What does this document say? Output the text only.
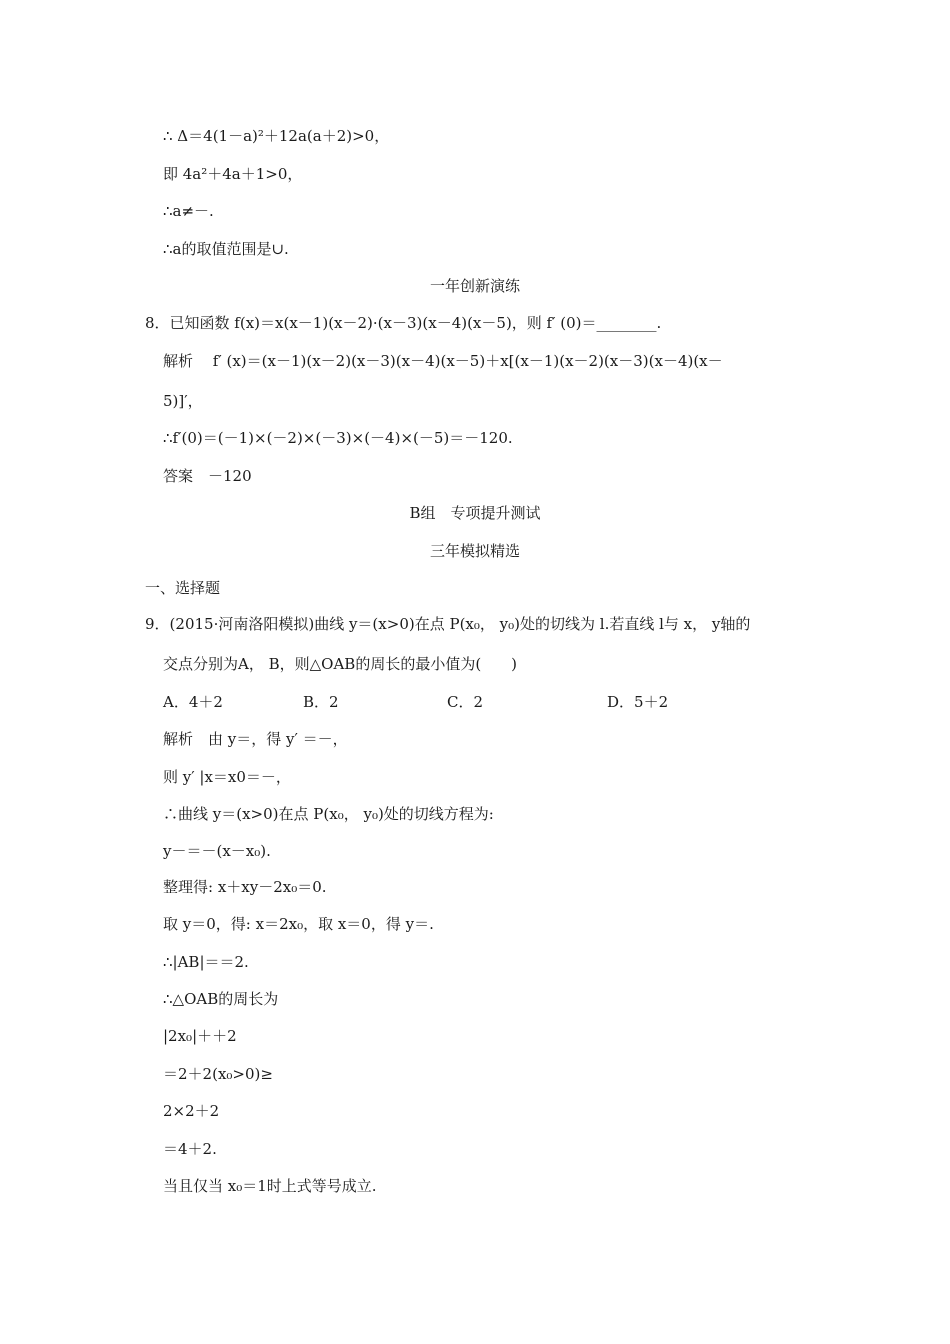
∴ Δ＝4(1－a)²＋12a(a＋2)>0，
即 4a²＋4a＋1>0，
∴a≠－.
∴a的取值范围是∪.
一年创新演练
8．已知函数 f(x)＝x(x－1)(x－2)·(x－3)(x－4)(x－5)，则 f′ (0)＝________.
解析　 f′ (x)＝(x－1)(x－2)(x－3)(x－4)(x－5)＋x[(x－1)(x－2)(x－3)(x－4)(x－
5)]′，
∴f′(0)＝(－1)×(－2)×(－3)×(－4)×(－5)＝－120.
答案　－120
B组　专项提升测试
三年模拟精选
一、选择题
9．(2015·河南洛阳模拟)曲线 y＝(x>0)在点 P(x₀， y₀)处的切线为 l.若直线 l与 x， y轴的
交点分别为A， B，则△OAB的周长的最小值为(　　)
A．4＋2	B．2	C．2	D．5＋2
解析　由 y＝，得 y′ ＝－，
则 y′ |x＝x0＝－，
∴曲线 y＝(x>0)在点 P(x₀， y₀)处的切线方程为:
y－＝－(x－x₀).
整理得: x＋xy－2x₀＝0.
取 y＝0，得: x＝2x₀，取 x＝0，得 y＝.
∴|AB|＝＝2.
∴△OAB的周长为
|2x₀|＋＋2
＝2＋2(x₀>0)≥
2×2＋2
＝4＋2.
当且仅当 x₀＝1时上式等号成立.
